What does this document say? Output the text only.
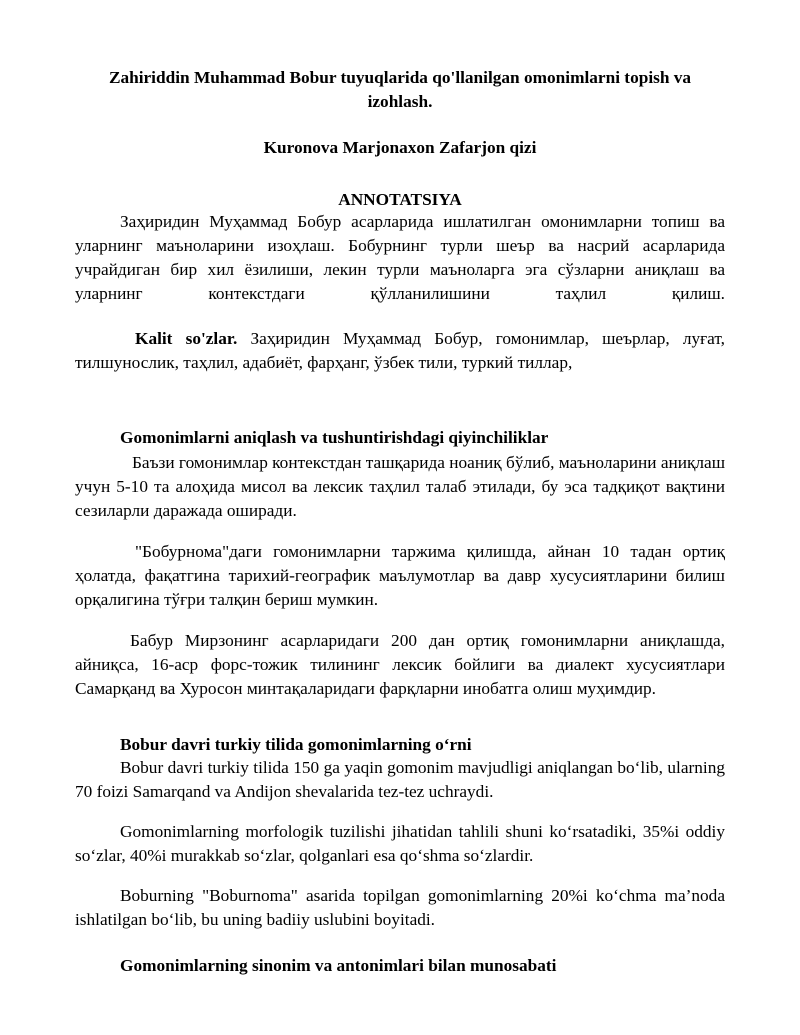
Zahiriddin Muhammad Bobur tuyuqlarida qo'llanilgan omonimlarni topish va izohlash.

Kuronova Marjonaxon Zafarjon qizi

ANNOTATSIYA

Заҳиридин Муҳаммад Бобур асарларида ишлатилган омонимларни топиш ва уларнинг маъноларини изоҳлаш. Бобурнинг турли шеър ва насрий асарларида учрайдиган бир хил ёзилиши, лекин турли маъноларга эга сўзларни аниқлаш ва уларнинг контекстдаги қўлланилишини таҳлил қилиш.

Kalit so'zlar. Заҳиридин Муҳаммад Бобур, гомонимлар, шеърлар, луғат, тилшунослик, таҳлил, адабиёт, фарҳанг, ўзбек тили, туркий тиллар,

Gomonimlarni aniqlash va tushuntirishdagi qiyinchiliklar

Баъзи гомонимлар контекстдан ташқарида ноаниқ бўлиб, маъноларини аниқлаш учун 5-10 та алоҳида мисол ва лексик таҳлил талаб этилади, бу эса тадқиқот вақтини сезиларли даражада оширади.

"Бобурнома"даги гомонимларни таржима қилишда, айнан 10 тадан ортиқ ҳолатда, фақатгина тарихий-географик маълумотлар ва давр хусусиятларини билиш орқалигина тўғри талқин бериш мумкин.

Бабур Мирзонинг асарларидаги 200 дан ортиқ гомонимларни аниқлашда, айниқса, 16-аср форс-тожик тилининг лексик бойлиги ва диалект хусусиятлари Самарқанд ва Хуросон минтақаларидаги фарқларни инобатга олиш муҳимдир.

Bobur davri turkiy tilida gomonimlarning o‘rni

Bobur davri turkiy tilida 150 ga yaqin gomonim mavjudligi aniqlangan bo‘lib, ularning 70 foizi Samarqand va Andijon shevalarida tez-tez uchraydi.

Gomonimlarning morfologik tuzilishi jihatidan tahlili shuni ko‘rsatadiki, 35%i oddiy so‘zlar, 40%i murakkab so‘zlar, qolganlari esa qo‘shma so‘zlardir.

Boburning "Boburnoma" asarida topilgan gomonimlarning 20%i ko‘chma ma’noda ishlatilgan bo‘lib, bu uning badiiy uslubini boyitadi.

Gomonimlarning sinonim va antonimlari bilan munosabati
